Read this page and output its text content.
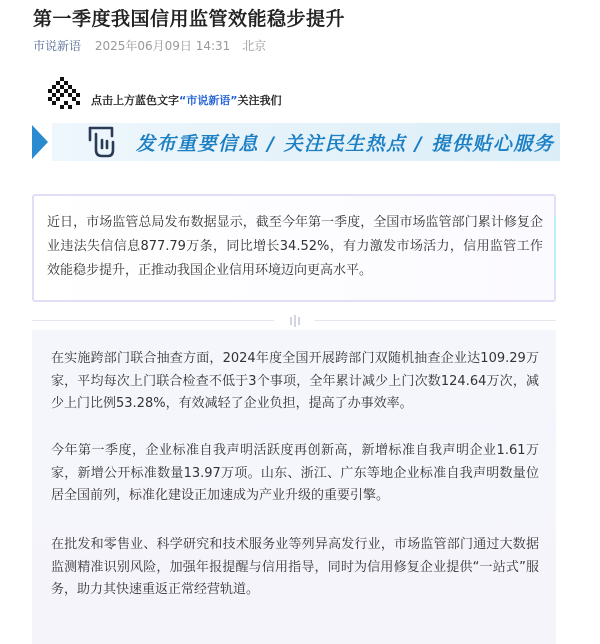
第一季度我国信用监管效能稳步提升
市说新语 2025年06月09日 14:31 北京
点击上方蓝色文字“市说新语”关注我们
发布重要信息 / 关注民生热点 / 提供贴心服务

近日，市场监管总局发布数据显示，截至今年第一季度，全国市场监管部门累计修复企业违法失信信息877.79万条，同比增长34.52%，有力激发市场活力，信用监管工作效能稳步提升，正推动我国企业信用环境迈向更高水平。

在实施跨部门联合抽查方面，2024年度全国开展跨部门双随机抽查企业达109.29万家，平均每次上门联合检查不低于3个事项，全年累计减少上门次数124.64万次，减少上门比例53.28%，有效减轻了企业负担，提高了办事效率。

今年第一季度，企业标准自我声明活跃度再创新高，新增标准自我声明企业1.61万家，新增公开标准数量13.97万项。山东、浙江、广东等地企业标准自我声明数量位居全国前列，标准化建设正加速成为产业升级的重要引擎。

在批发和零售业、科学研究和技术服务业等列异高发行业，市场监管部门通过大数据监测精准识别风险，加强年报提醒与信用指导，同时为信用修复企业提供“一站式”服务，助力其快速重返正常经营轨道。
